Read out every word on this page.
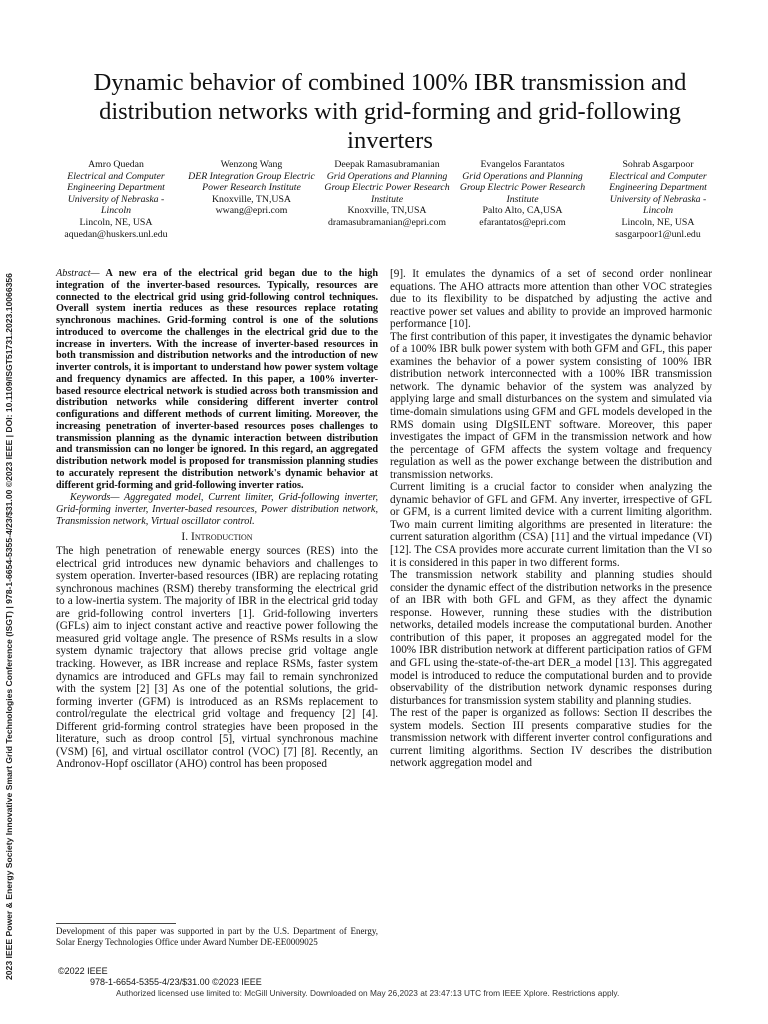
2023 IEEE Power & Energy Society Innovative Smart Grid Technologies Conference (ISGT) | 978-1-6654-5355-4/23/$31.00 ©2023 IEEE | DOI: 10.1109/ISGT51731.2023.10066356
Dynamic behavior of combined 100% IBR transmission and distribution networks with grid-forming and grid-following inverters
Amro Quedan
Electrical and Computer Engineering Department University of Nebraska - Lincoln
Lincoln, NE, USA
aquedan@huskers.unl.edu
Wenzong Wang
DER Integration Group Electric Power Research Institute
Knoxville, TN,USA
wwang@epri.com
Deepak Ramasubramanian
Grid Operations and Planning Group Electric Power Research Institute
Knoxville, TN,USA
dramasubramanian@epri.com
Evangelos Farantatos
Grid Operations and Planning Group Electric Power Research Institute
Palto Alto, CA,USA
efarantatos@epri.com
Sohrab Asgarpoor
Electrical and Computer Engineering Department University of Nebraska - Lincoln
Lincoln, NE, USA
sasgarpoor1@unl.edu

Abstract— A new era of the electrical grid began due to the high integration of the inverter-based resources. Typically, resources are connected to the electrical grid using grid-following control techniques. Overall system inertia reduces as these resources replace rotating synchronous machines. Grid-forming control is one of the solutions introduced to overcome the challenges in the electrical grid due to the increase in inverters. With the increase of inverter-based resources in both transmission and distribution networks and the introduction of new inverter controls, it is important to understand how power system voltage and frequency dynamics are affected. In this paper, a 100% inverter-based resource electrical network is studied across both transmission and distribution networks while considering different inverter control configurations and different methods of current limiting. Moreover, the increasing penetration of inverter-based resources poses challenges to transmission planning as the dynamic interaction between distribution and transmission can no longer be ignored. In this regard, an aggregated distribution network model is proposed for transmission planning studies to accurately represent the distribution network's dynamic behavior at different grid-forming and grid-following inverter ratios.

Keywords— Aggregated model, Current limiter, Grid-following inverter, Grid-forming inverter, Inverter-based resources, Power distribution network, Transmission network, Virtual oscillator control.

I. Introduction

The high penetration of renewable energy sources (RES) into the electrical grid introduces new dynamic behaviors and challenges to system operation. Inverter-based resources (IBR) are replacing rotating synchronous machines (RSM) thereby transforming the electrical grid to a low-inertia system. The majority of IBR in the electrical grid today are grid-following control inverters [1]. Grid-following inverters (GFLs) aim to inject constant active and reactive power following the measured grid voltage angle. The presence of RSMs results in a slow system dynamic trajectory that allows precise grid voltage angle tracking. However, as IBR increase and replace RSMs, faster system dynamics are introduced and GFLs may fail to remain synchronized with the system [2] [3] As one of the potential solutions, the grid-forming inverter (GFM) is introduced as an RSMs replacement to control/regulate the electrical grid voltage and frequency [2] [4]. Different grid-forming control strategies have been proposed in the literature, such as droop control [5], virtual synchronous machine (VSM) [6], and virtual oscillator control (VOC) [7] [8]. Recently, an Andronov-Hopf oscillator (AHO) control has been proposed

[9]. It emulates the dynamics of a set of second order nonlinear equations. The AHO attracts more attention than other VOC strategies due to its flexibility to be dispatched by adjusting the active and reactive power set values and ability to provide an improved harmonic performance [10].

The first contribution of this paper, it investigates the dynamic behavior of a 100% IBR bulk power system with both GFM and GFL, this paper examines the behavior of a power system consisting of 100% IBR distribution network interconnected with a 100% IBR transmission network. The dynamic behavior of the system was analyzed by applying large and small disturbances on the system and simulated via time-domain simulations using GFM and GFL models developed in the RMS domain using DIgSILENT software. Moreover, this paper investigates the impact of GFM in the transmission network and how the percentage of GFM affects the system voltage and frequency regulation as well as the power exchange between the distribution and transmission networks.

Current limiting is a crucial factor to consider when analyzing the dynamic behavior of GFL and GFM. Any inverter, irrespective of GFL or GFM, is a current limited device with a current limiting algorithm. Two main current limiting algorithms are presented in literature: the current saturation algorithm (CSA) [11] and the virtual impedance (VI) [12]. The CSA provides more accurate current limitation than the VI so it is considered in this paper in two different forms.

The transmission network stability and planning studies should consider the dynamic effect of the distribution networks in the presence of an IBR with both GFL and GFM, as they affect the dynamic response. However, running these studies with the distribution networks, detailed models increase the computational burden. Another contribution of this paper, it proposes an aggregated model for the 100% IBR distribution network at different participation ratios of GFM and GFL using the-state-of-the-art DER_a model [13]. This aggregated model is introduced to reduce the computational burden and to provide observability of the distribution network dynamic responses during disturbances for transmission system stability and planning studies.

The rest of the paper is organized as follows: Section II describes the system models. Section III presents comparative studies for the transmission network with different inverter control configurations and current limiting algorithms. Section IV describes the distribution network aggregation model and

Development of this paper was supported in part by the U.S. Department of Energy, Solar Energy Technologies Office under Award Number DE-EE0009025
©2022 IEEE
978-1-6654-5355-4/23/$31.00 ©2023 IEEE
Authorized licensed use limited to: McGill University. Downloaded on May 26,2023 at 23:47:13 UTC from IEEE Xplore. Restrictions apply.
